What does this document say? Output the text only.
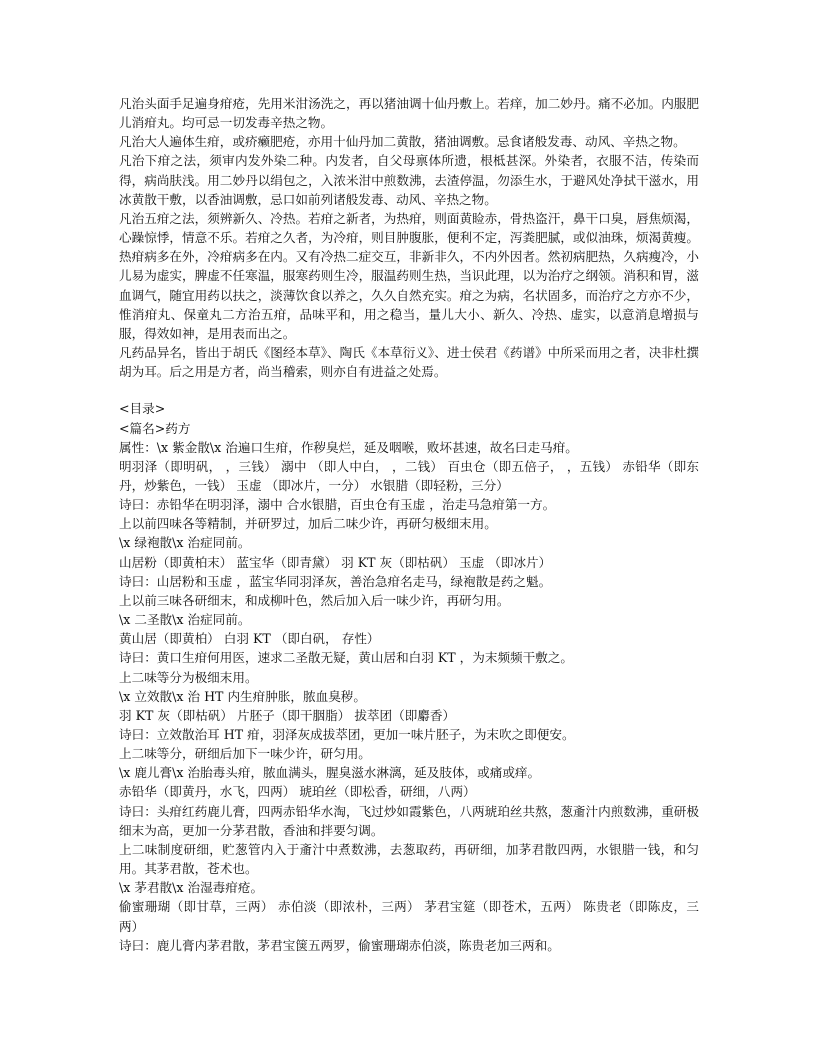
凡治头面手足遍身疳疮，先用米泔汤洗之，再以猪油调十仙丹敷上。若痒，加二妙丹。痛不必加。内服肥儿消疳丸。均可忌一切发毒辛热之物。

凡治大人遍体生疳，或疥癞肥疮，亦用十仙丹加二黄散，猪油调敷。忌食诸般发毒、动风、辛热之物。

凡治下疳之法，须审内发外染二种。内发者，自父母禀体所遗，根柢甚深。外染者，衣服不洁，传染而得，病尚肤浅。用二妙丹以绢包之，入浓米泔中煎数沸，去渣停温，勿添生水，于避风处净拭干滋水，用冰黄散干敷，以香油调敷，忌口如前列诸般发毒、动风、辛热之物。

凡治五疳之法，须辨新久、冷热。若疳之新者，为热疳，则面黄睑赤，骨热盗汗，鼻干口臭，唇焦烦渴，心躁惊悸，情意不乐。若疳之久者，为冷疳，则目肿腹胀，便利不定，泻粪肥腻，或似油珠，烦渴黄瘦。热疳病多在外，冷疳病多在内。又有冷热二症交互，非新非久，不内外因者。然初病肥热，久病瘦冷，小儿易为虚实，脾虚不任寒温，服寒药则生冷，服温药则生热，当识此理，以为治疗之纲领。消积和胃，滋血调气，随宜用药以扶之，淡薄饮食以养之，久久自然充实。疳之为病，名状固多，而治疗之方亦不少，惟消疳丸、保童丸二方治五疳，品味平和，用之稳当，量儿大小、新久、冷热、虚实，以意消息增损与服，得效如神，是用表而出之。

凡药品异名，皆出于胡氏《图经本草》、陶氏《本草衍义》、进士侯君《药谱》中所采而用之者，决非杜撰胡为耳。后之用是方者，尚当稽索，则亦自有进益之处焉。

<目录>

<篇名>药方

属性：\x 紫金散\x 治遍口生疳，作秽臭烂，延及咽喉，败坏甚速，故名曰走马疳。

明羽泽（即明矾， ，三钱） 溺中 （即人中白， ，二钱） 百虫仓（即五倍子， ，五钱） 赤铅华（即东丹，炒紫色，一钱） 玉虚 （即冰片，一分） 水银腊（即轻粉，三分）

诗曰：赤铅华在明羽泽，溺中 合水银腊，百虫仓有玉虚 ，治走马急疳第一方。

上以前四味各等精制，并研罗过，加后二味少许，再研匀极细末用。

\x 绿袍散\x 治症同前。

山居粉（即黄柏末） 蓝宝华（即青黛） 羽 KT 灰（即枯矾） 玉虚 （即冰片）

诗曰：山居粉和玉虚 ，蓝宝华同羽泽灰，善治急疳名走马，绿袍散是药之魁。

上以前三味各研细末，和成柳叶色，然后加入后一味少许，再研匀用。

\x 二圣散\x 治症同前。

黄山居（即黄柏） 白羽 KT （即白矾， 存性）

诗曰：黄口生疳何用医，速求二圣散无疑，黄山居和白羽 KT ，为末频频干敷之。

上二味等分为极细末用。

\x 立效散\x 治 HT 内生疳肿胀，脓血臭秽。

羽 KT 灰（即枯矾） 片胚子（即干胭脂） 拔萃团（即麝香）

诗曰：立效散治耳 HT 疳，羽泽灰成拔萃团，更加一味片胚子，为末吹之即便安。

上二味等分，研细后加下一味少许，研匀用。

\x 鹿儿膏\x 治胎毒头疳，脓血满头，腥臭滋水淋漓，延及肢体，或痛或痒。

赤铅华（即黄丹，水飞，四两） 琥珀丝（即松香，研细，八两）

诗曰：头疳红药鹿儿膏，四两赤铅华水淘，飞过炒如霞紫色，八两琥珀丝共熬，葱齑汁内煎数沸，重研极细末为高，更加一分茅君散，香油和拌要匀调。

上二味制度研细，贮葱管内入于齑汁中煮数沸，去葱取药，再研细，加茅君散四两，水银腊一钱，和匀用。其茅君散，苍术也。

\x 茅君散\x 治湿毒疳疮。

偷蜜珊瑚（即甘草，三两） 赤伯淡（即浓朴，三两） 茅君宝筵（即苍术，五两） 陈贵老（即陈皮，三两）

诗曰：鹿儿膏内茅君散，茅君宝箧五两罗，偷蜜珊瑚赤伯淡，陈贵老加三两和。
